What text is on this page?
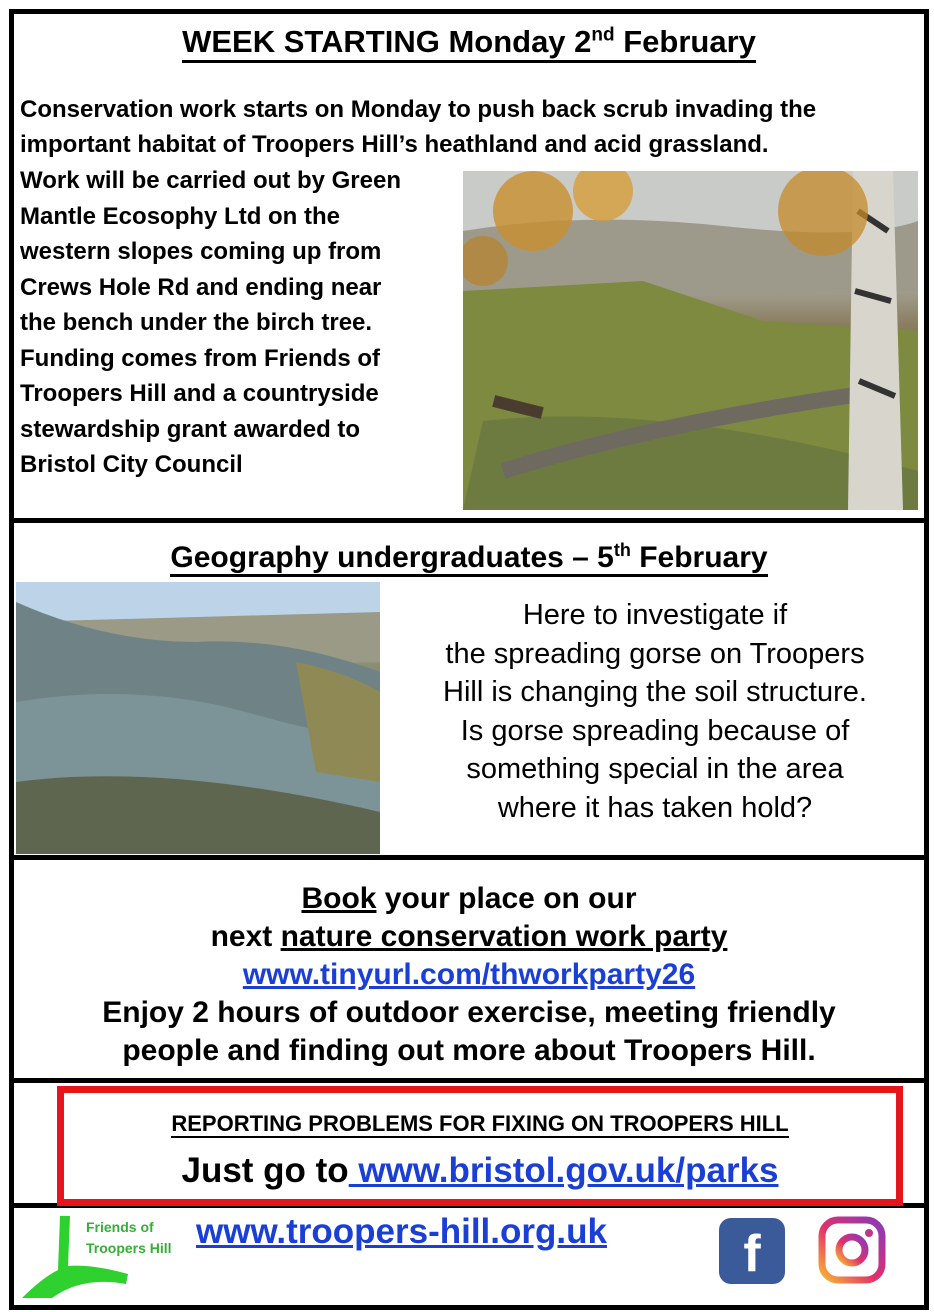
WEEK STARTING Monday 2nd February
Conservation work starts on Monday to push back scrub invading the important habitat of Troopers Hill’s heathland and acid grassland.
Work will be carried out by Green
Mantle Ecosophy Ltd on the
western slopes coming up from
Crews Hole Rd and ending near
the bench under the birch tree.
Funding comes from Friends of
Troopers Hill and a countryside
stewardship grant awarded to
Bristol City Council
Geography undergraduates – 5th February
Here to investigate if
the spreading gorse on Troopers
Hill is changing the soil structure.
Is gorse spreading because of
something special in the area
where it has taken hold?
Book your place on our
next nature conservation work party
www.tinyurl.com/thworkparty26
Enjoy 2 hours of outdoor exercise, meeting friendly
people and finding out more about Troopers Hill.
REPORTING PROBLEMS FOR FIXING ON TROOPERS HILL
Just go to www.bristol.gov.uk/parks
Friends of
Troopers Hill www.troopers-hill.org.uk	f
